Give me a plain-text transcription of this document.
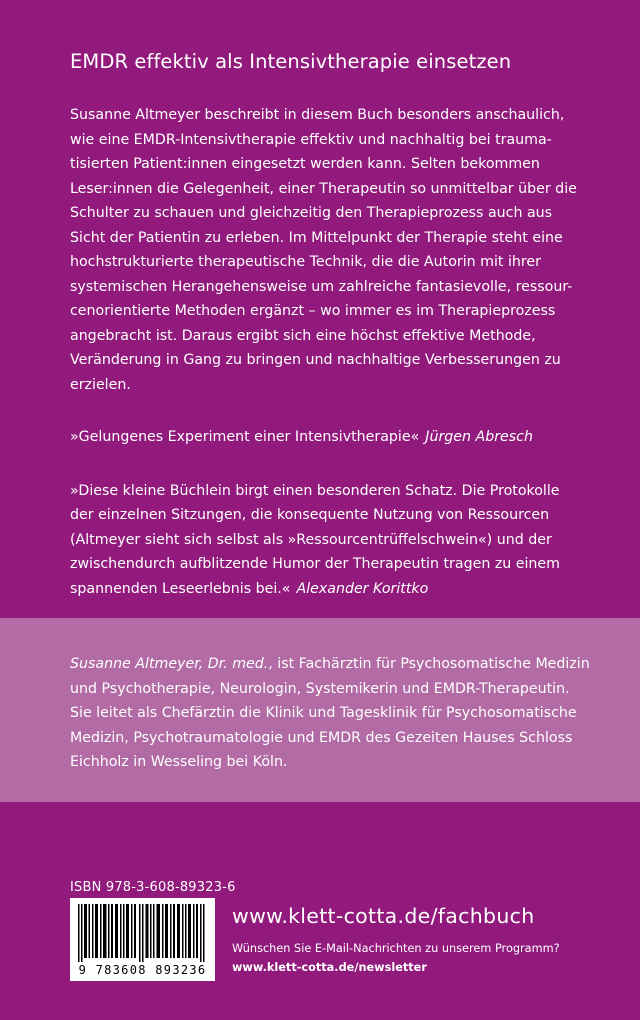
EMDR effektiv als Intensivtherapie einsetzen

Susanne Altmeyer beschreibt in diesem Buch besonders anschaulich,
wie eine EMDR-Intensivtherapie effektiv und nachhaltig bei trauma-
tisierten Patient:innen eingesetzt werden kann. Selten bekommen
Leser:innen die Gelegenheit, einer Therapeutin so unmittelbar über die
Schulter zu schauen und gleichzeitig den Therapieprozess auch aus
Sicht der Patientin zu erleben. Im Mittelpunkt der Therapie steht eine
hochstrukturierte therapeutische Technik, die die Autorin mit ihrer
systemischen Herangehensweise um zahlreiche fantasievolle, ressour-
cenorientierte Methoden ergänzt – wo immer es im Therapieprozess
angebracht ist. Daraus ergibt sich eine höchst effektive Methode,
Veränderung in Gang zu bringen und nachhaltige Verbesserungen zu
erzielen.

»Gelungenes Experiment einer Intensivtherapie« Jürgen Abresch

»Diese kleine Büchlein birgt einen besonderen Schatz. Die Protokolle
der einzelnen Sitzungen, die konsequente Nutzung von Ressourcen
(Altmeyer sieht sich selbst als »Ressourcentrüffelschwein«) und der
zwischendurch aufblitzende Humor der Therapeutin tragen zu einem
spannenden Leseerlebnis bei.« Alexander Korittko

Susanne Altmeyer, Dr. med., ist Fachärztin für Psychosomatische Medizin
und Psychotherapie, Neurologin, Systemikerin und EMDR-Therapeutin.
Sie leitet als Chefärztin die Klinik und Tagesklinik für Psychosomatische
Medizin, Psychotraumatologie und EMDR des Gezeiten Hauses Schloss
Eichholz in Wesseling bei Köln.

ISBN 978-3-608-89323-6
9 783608 893236
www.klett-cotta.de/fachbuch
Wünschen Sie E-Mail-Nachrichten zu unserem Programm?
www.klett-cotta.de/newsletter
